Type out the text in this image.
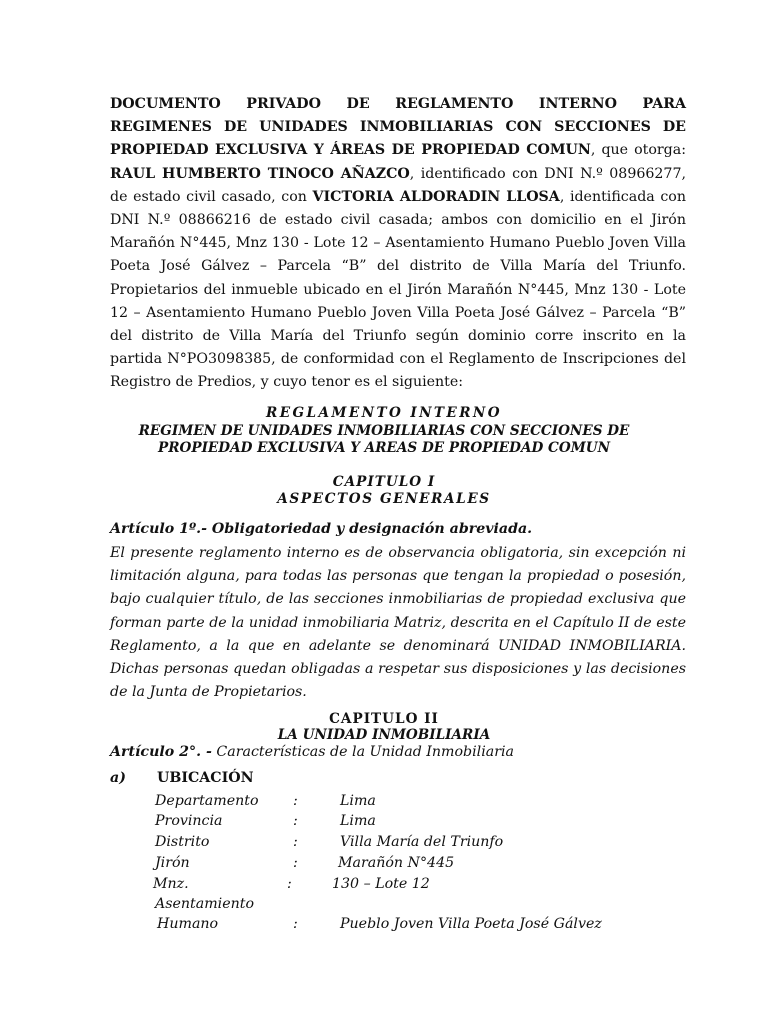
DOCUMENTO PRIVADO DE REGLAMENTO INTERNO PARA REGIMENES DE UNIDADES INMOBILIARIAS CON SECCIONES DE PROPIEDAD EXCLUSIVA Y ÁREAS DE PROPIEDAD COMUN, que otorga: RAUL HUMBERTO TINOCO AÑAZCO, identificado con DNI N.º 08966277, de estado civil casado, con VICTORIA ALDORADIN LLOSA, identificada con DNI N.º 08866216 de estado civil casada; ambos con domicilio en el Jirón Marañón N°445, Mnz 130 - Lote 12 – Asentamiento Humano Pueblo Joven Villa Poeta José Gálvez – Parcela “B” del distrito de Villa María del Triunfo. Propietarios del inmueble ubicado en el Jirón Marañón N°445, Mnz 130 - Lote 12 – Asentamiento Humano Pueblo Joven Villa Poeta José Gálvez – Parcela “B” del distrito de Villa María del Triunfo según dominio corre inscrito en la partida N°PO3098385, de conformidad con el Reglamento de Inscripciones del Registro de Predios, y cuyo tenor es el siguiente:

REGLAMENTO INTERNO

REGIMEN DE UNIDADES INMOBILIARIAS CON SECCIONES DE

PROPIEDAD EXCLUSIVA Y AREAS DE PROPIEDAD COMUN

CAPITULO I

ASPECTOS GENERALES

Artículo 1º.- Obligatoriedad y designación abreviada.

El presente reglamento interno es de observancia obligatoria, sin excepción ni limitación alguna, para todas las personas que tengan la propiedad o posesión, bajo cualquier título, de las secciones inmobiliarias de propiedad exclusiva que forman parte de la unidad inmobiliaria Matriz, descrita en el Capítulo II de este Reglamento, a la que en adelante se denominará UNIDAD INMOBILIARIA. Dichas personas quedan obligadas a respetar sus disposiciones y las decisiones de la Junta de Propietarios.

CAPITULO II

LA UNIDAD INMOBILIARIA

Artículo 2°. - Características de la Unidad Inmobiliaria

a) UBICACIÓN
Departamento :	Lima
Provincia	:	Lima
Distrito	:	Villa María del Triunfo
Jirón	:	Marañón N°445
Mnz.	:	130 – Lote 12
Asentamiento
Humano	:	Pueblo Joven Villa Poeta José Gálvez
